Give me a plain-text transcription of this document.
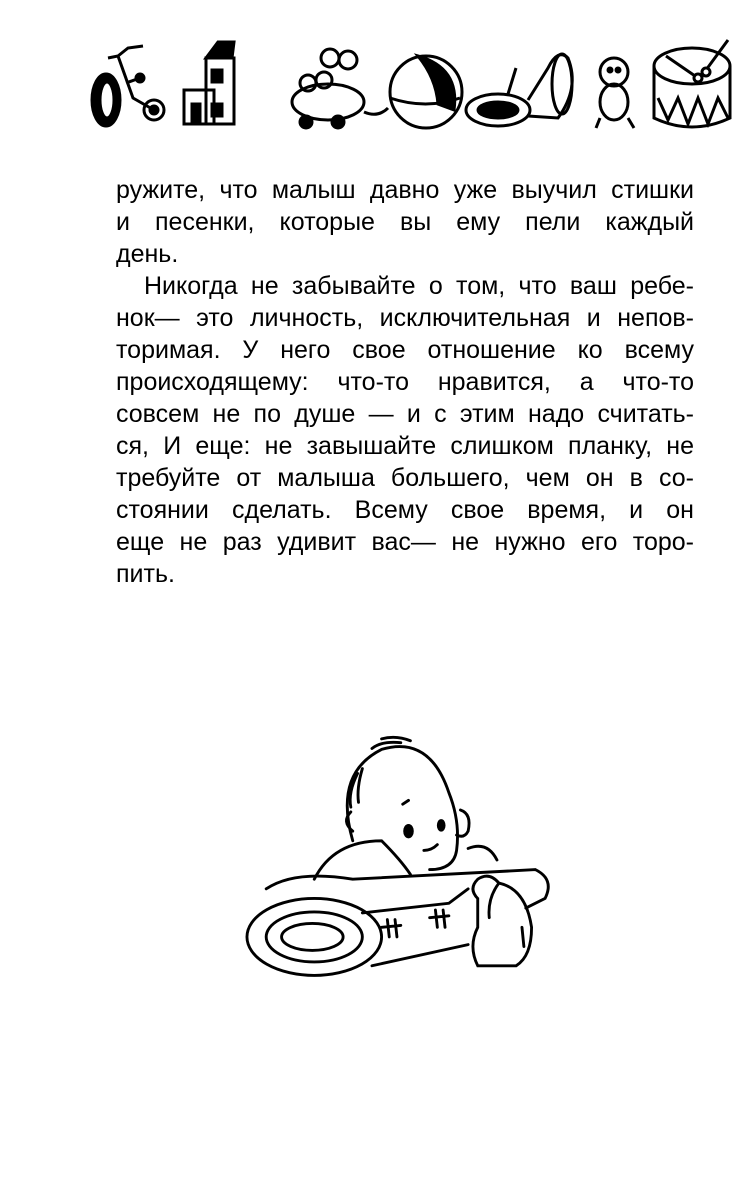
ружите, что малыш давно уже выучил стишки
и песенки, которые вы ему пели каждый
день.
Никогда не забывайте о том, что ваш ребе-
нок— это личность, исключительная и непов-
торимая. У него свое отношение ко всему
происходящему: что-то нравится, а что-то
совсем не по душе — и с этим надо считать-
ся, И еще: не завышайте слишком планку, не
требуйте от малыша большего, чем он в со-
стоянии сделать. Всему свое время, и он
еще не раз удивит вас— не нужно его торо-
пить.
